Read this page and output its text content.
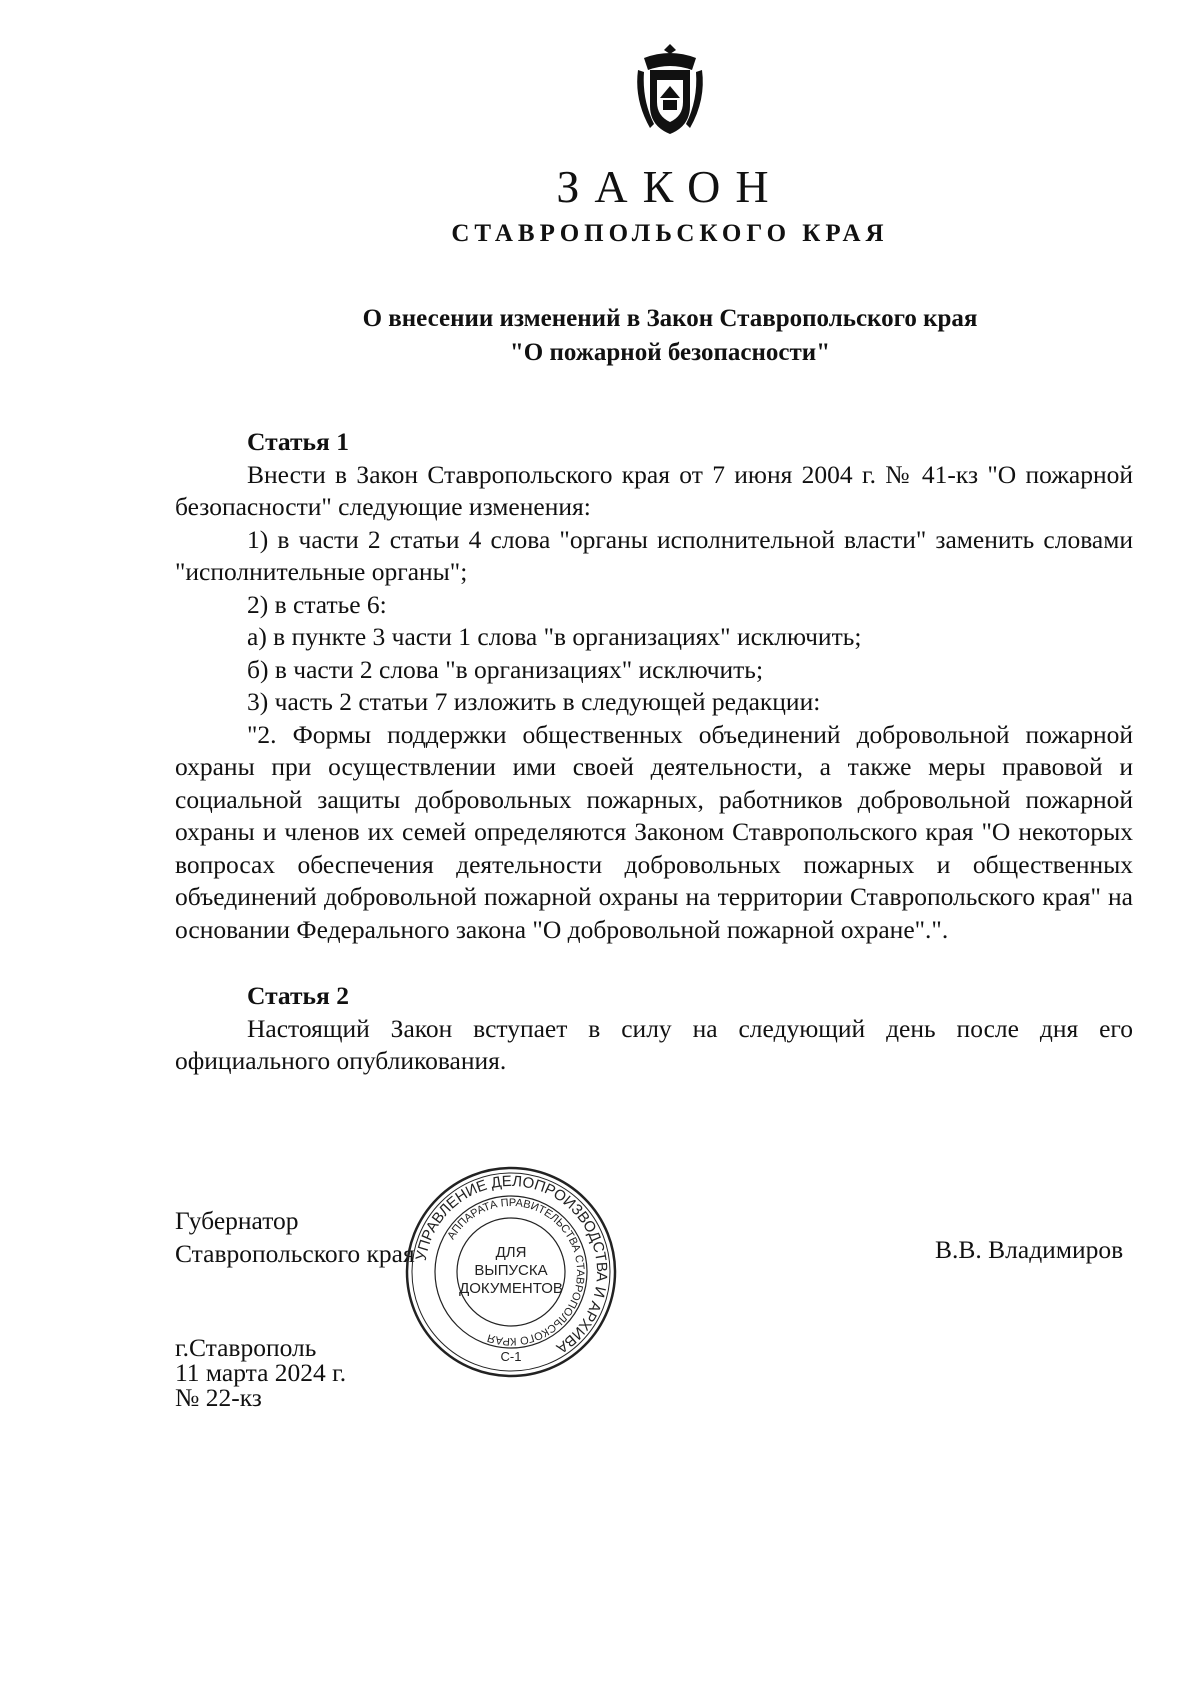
ЗАКОН
СТАВРОПОЛЬСКОГО КРАЯ
О внесении изменений в Закон Ставропольского края
"О пожарной безопасности"
Статья 1

Внести в Закон Ставропольского края от 7 июня 2004 г. № 41-кз "О пожарной безопасности" следующие изменения:

1) в части 2 статьи 4 слова "органы исполнительной власти" заменить словами "исполнительные органы";

2) в статье 6:

а) в пункте 3 части 1 слова "в организациях" исключить;

б) в части 2 слова "в организациях" исключить;

3) часть 2 статьи 7 изложить в следующей редакции:

"2. Формы поддержки общественных объединений добровольной пожарной охраны при осуществлении ими своей деятельности, а также меры правовой и социальной защиты добровольных пожарных, работников добровольной пожарной охраны и членов их семей определяются Законом Ставропольского края "О некоторых вопросах обеспечения деятельности добровольных пожарных и общественных объединений добровольной пожарной охраны на территории Ставропольского края" на основании Федерального закона "О добровольной пожарной охране".".

Статья 2

Настоящий Закон вступает в силу на следующий день после дня его официального опубликования.

Губернатор
Ставропольского края	В.В. Владимиров
г.Ставрополь
11 марта 2024 г.
№ 22-кз
УПРАВЛЕНИЕ ДЕЛОПРОИЗВОДСТВА И АРХИВА
АППАРАТА ПРАВИТЕЛЬСТВА СТАВРОПОЛЬСКОГО КРАЯ
С-1
ДЛЯ
ВЫПУСКА
ДОКУМЕНТОВ
